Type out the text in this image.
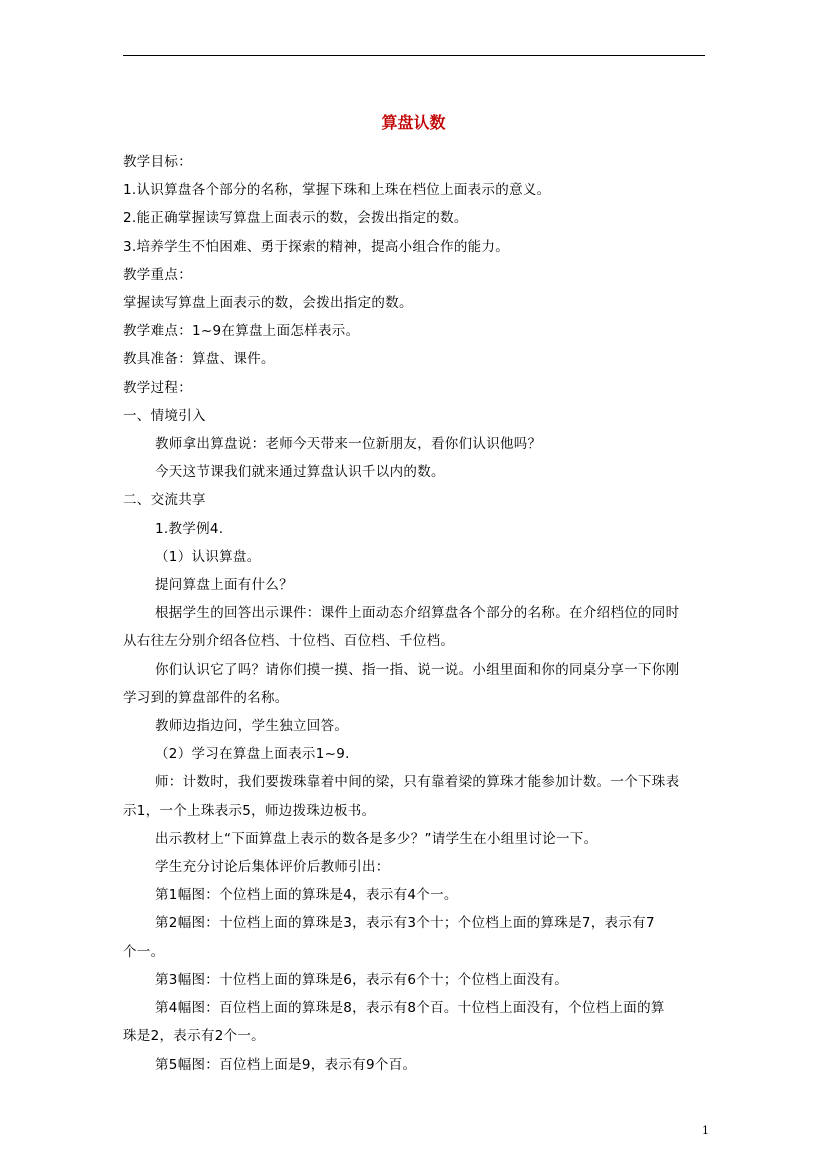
算盘认数
教学目标：
1.认识算盘各个部分的名称，掌握下珠和上珠在档位上面表示的意义。
2.能正确掌握读写算盘上面表示的数，会拨出指定的数。
3.培养学生不怕困难、勇于探索的精神，提高小组合作的能力。
教学重点：
掌握读写算盘上面表示的数，会拨出指定的数。
教学难点：1~9在算盘上面怎样表示。
教具准备：算盘、课件。
教学过程：
一、情境引入
教师拿出算盘说：老师今天带来一位新朋友，看你们认识他吗？
今天这节课我们就来通过算盘认识千以内的数。
二、交流共享
1.教学例4.
（1）认识算盘。
提问算盘上面有什么？
根据学生的回答出示课件：课件上面动态介绍算盘各个部分的名称。在介绍档位的同时
从右往左分别介绍各位档、十位档、百位档、千位档。
你们认识它了吗？请你们摸一摸、指一指、说一说。小组里面和你的同桌分享一下你刚
学习到的算盘部件的名称。
教师边指边问，学生独立回答。
（2）学习在算盘上面表示1~9.
师：计数时，我们要拨珠靠着中间的梁，只有靠着梁的算珠才能参加计数。一个下珠表
示1，一个上珠表示5，师边拨珠边板书。
出示教材上“下面算盘上表示的数各是多少？”请学生在小组里讨论一下。
学生充分讨论后集体评价后教师引出：
第1幅图：个位档上面的算珠是4，表示有4个一。
第2幅图：十位档上面的算珠是3，表示有3个十；个位档上面的算珠是7，表示有7
个一。
第3幅图：十位档上面的算珠是6，表示有6个十；个位档上面没有。
第4幅图：百位档上面的算珠是8，表示有8个百。十位档上面没有，个位档上面的算
珠是2，表示有2个一。
第5幅图：百位档上面是9，表示有9个百。
1
